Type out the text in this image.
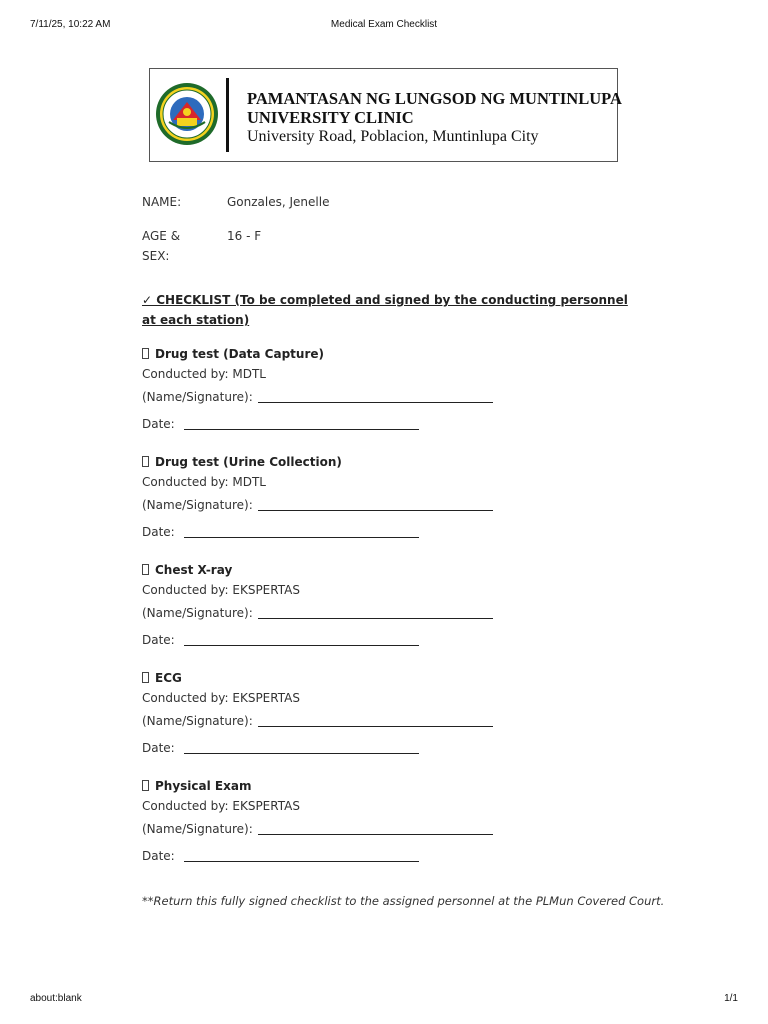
7/11/25, 10:22 AM	Medical Exam Checklist
PAMANTASAN NG LUNGSOD NG MUNTINLUPA
UNIVERSITY CLINIC
University Road, Poblacion, Muntinlupa City
NAME:	Gonzales, Jenelle
AGE & SEX:
16 - F
✓ CHECKLIST (To be completed and signed by the conducting personnel at each station)
Drug test (Data Capture)
Conducted by: MDTL
(Name/Signature):
Date:
Drug test (Urine Collection)
Conducted by: MDTL
(Name/Signature):
Date:
Chest X-ray
Conducted by: EKSPERTAS
(Name/Signature):
Date:
ECG
Conducted by: EKSPERTAS
(Name/Signature):
Date:
Physical Exam
Conducted by: EKSPERTAS
(Name/Signature):
Date:
**Return this fully signed checklist to the assigned personnel at the PLMun Covered Court.
about:blank	1/1
